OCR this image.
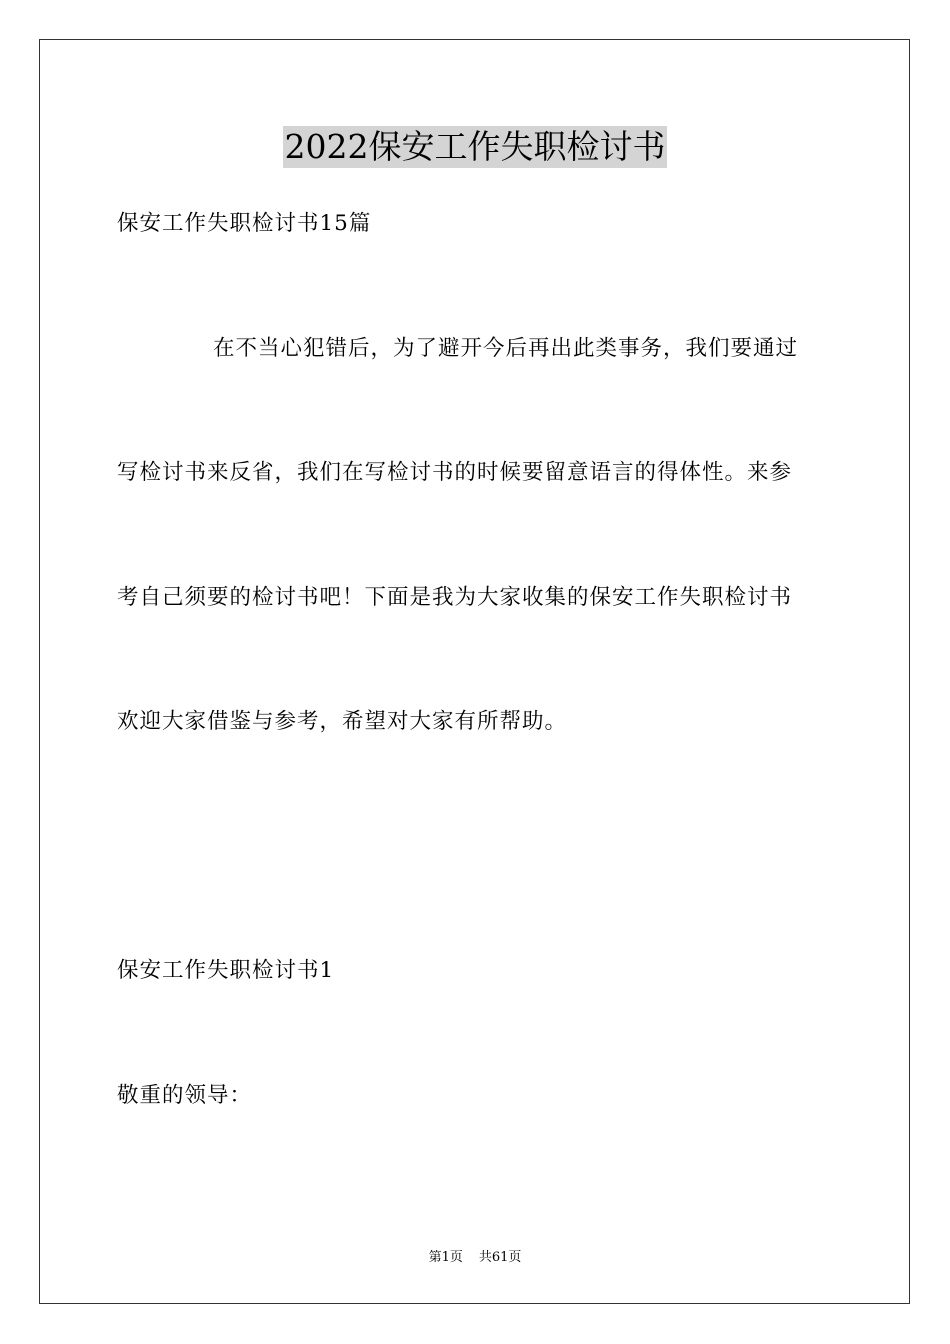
2022保安工作失职检讨书
保安工作失职检讨书15篇
在不当心犯错后，为了避开今后再出此类事务，我们要通过
写检讨书来反省，我们在写检讨书的时候要留意语言的得体性。来参
考自己须要的检讨书吧！下面是我为大家收集的保安工作失职检讨书
欢迎大家借鉴与参考，希望对大家有所帮助。
保安工作失职检讨书1
敬重的领导：
第1页 共61页
